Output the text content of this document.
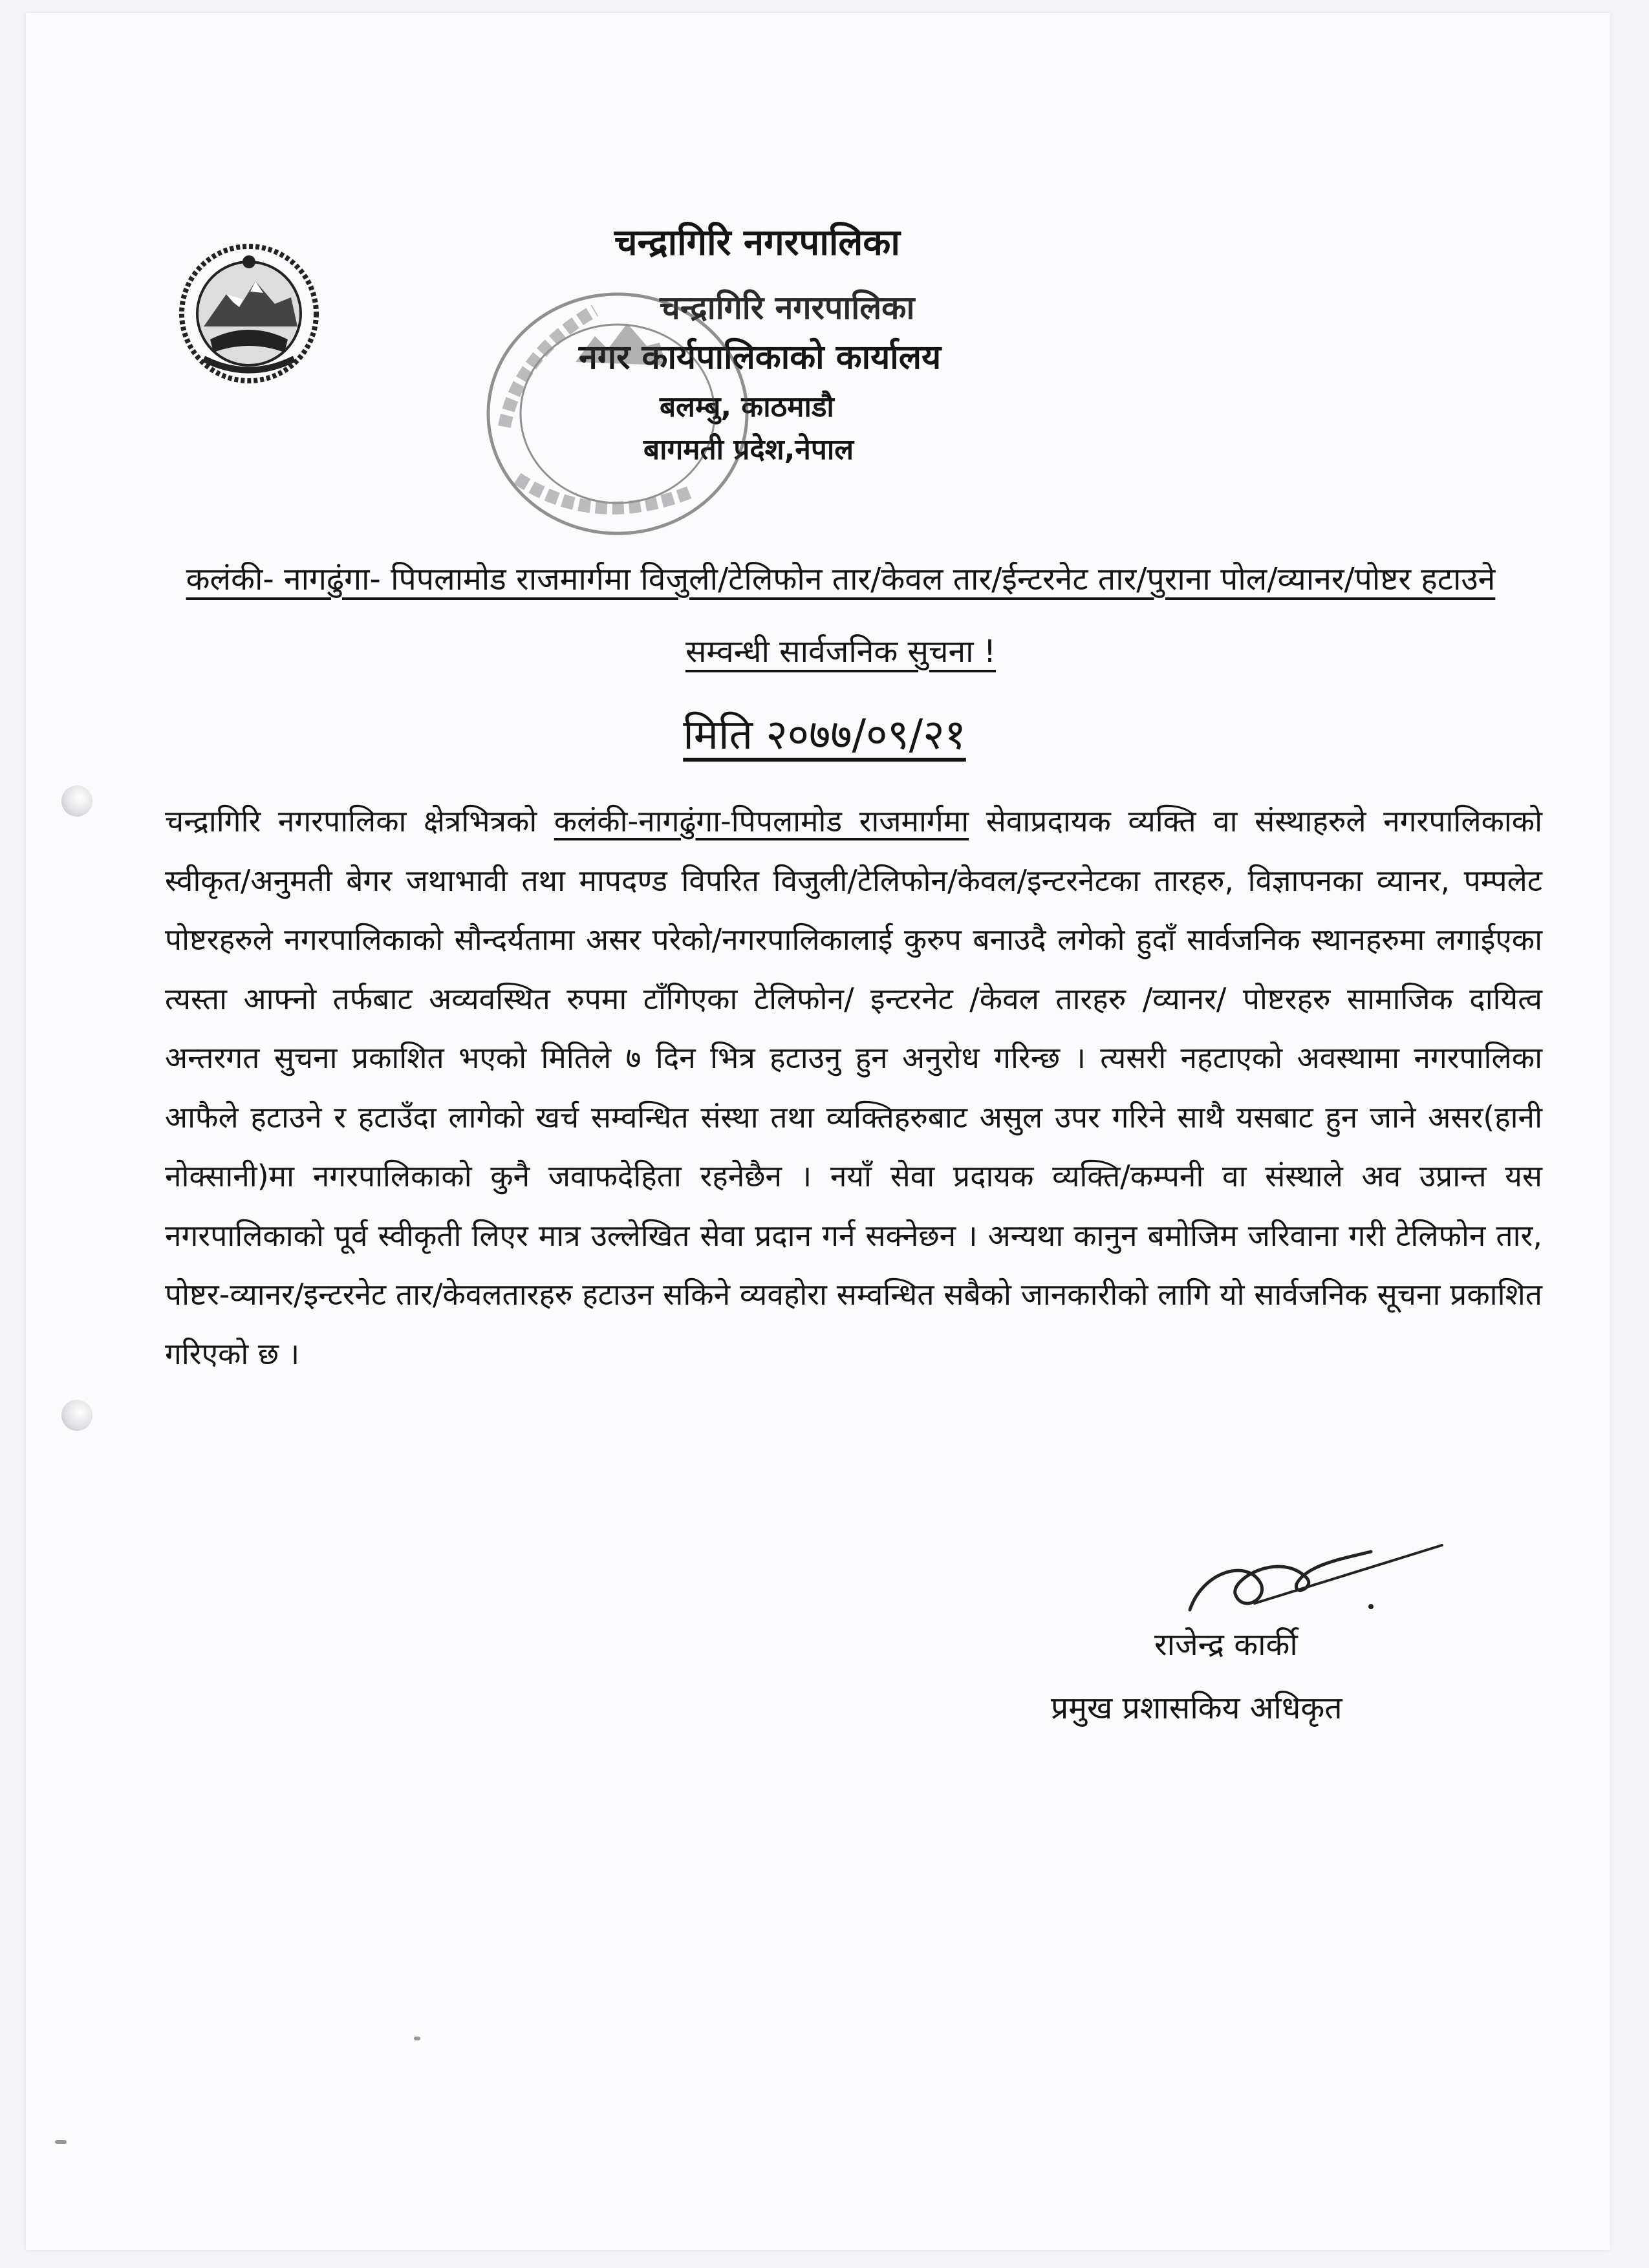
चन्द्रागिरि नगरपालिका
चन्द्रागिरि नगरपालिका
नगर कार्यपालिकाको कार्यालय
बलम्बु, काठमाडौ
बागमती प्रदेश,नेपाल
कलंकी- नागढुंगा- पिपलामोड राजमार्गमा विजुली/टेलिफोन तार/केवल तार/ईन्टरनेट तार/पुराना पोल/व्यानर/पोष्टर हटाउने सम्वन्धी सार्वजनिक सुचना !
मिति २०७७/०९/२१
चन्द्रागिरि नगरपालिका क्षेत्रभित्रको कलंकी-नागढुंगा-पिपलामोड राजमार्गमा सेवाप्रदायक व्यक्ति वा संस्थाहरुले नगरपालिकाको स्वीकृत/अनुमती बेगर जथाभावी तथा मापदण्ड विपरित विजुली/टेलिफोन/केवल/इन्टरनेटका तारहरु, विज्ञापनका व्यानर, पम्पलेट पोष्टरहरुले नगरपालिकाको सौन्दर्यतामा असर परेको/नगरपालिकालाई कुरुप बनाउदै लगेको हुदाँ सार्वजनिक स्थानहरुमा लगाईएका त्यस्ता आफ्नो तर्फबाट अव्यवस्थित रुपमा टाँगिएका टेलिफोन/ इन्टरनेट /केवल तारहरु /व्यानर/ पोष्टरहरु सामाजिक दायित्व अन्तरगत सुचना प्रकाशित भएको मितिले ७ दिन भित्र हटाउनु हुन अनुरोध गरिन्छ । त्यसरी नहटाएको अवस्थामा नगरपालिका आफैले हटाउने र हटाउँदा लागेको खर्च सम्वन्धित संस्था तथा व्यक्तिहरुबाट असुल उपर गरिने साथै यसबाट हुन जाने असर(हानी नोक्सानी)मा नगरपालिकाको कुनै जवाफदेहिता रहनेछैन । नयाँ सेवा प्रदायक व्यक्ति/कम्पनी वा संस्थाले अव उप्रान्त यस नगरपालिकाको पूर्व स्वीकृती लिएर मात्र उल्लेखित सेवा प्रदान गर्न सक्नेछन । अन्यथा कानुन बमोजिम जरिवाना गरी टेलिफोन तार, पोष्टर-व्यानर/इन्टरनेट तार/केवलतारहरु हटाउन सकिने व्यवहोरा सम्वन्धित सबैको जानकारीको लागि यो सार्वजनिक सूचना प्रकाशित गरिएको छ ।
राजेन्द्र कार्की
प्रमुख प्रशासकिय अधिकृत
